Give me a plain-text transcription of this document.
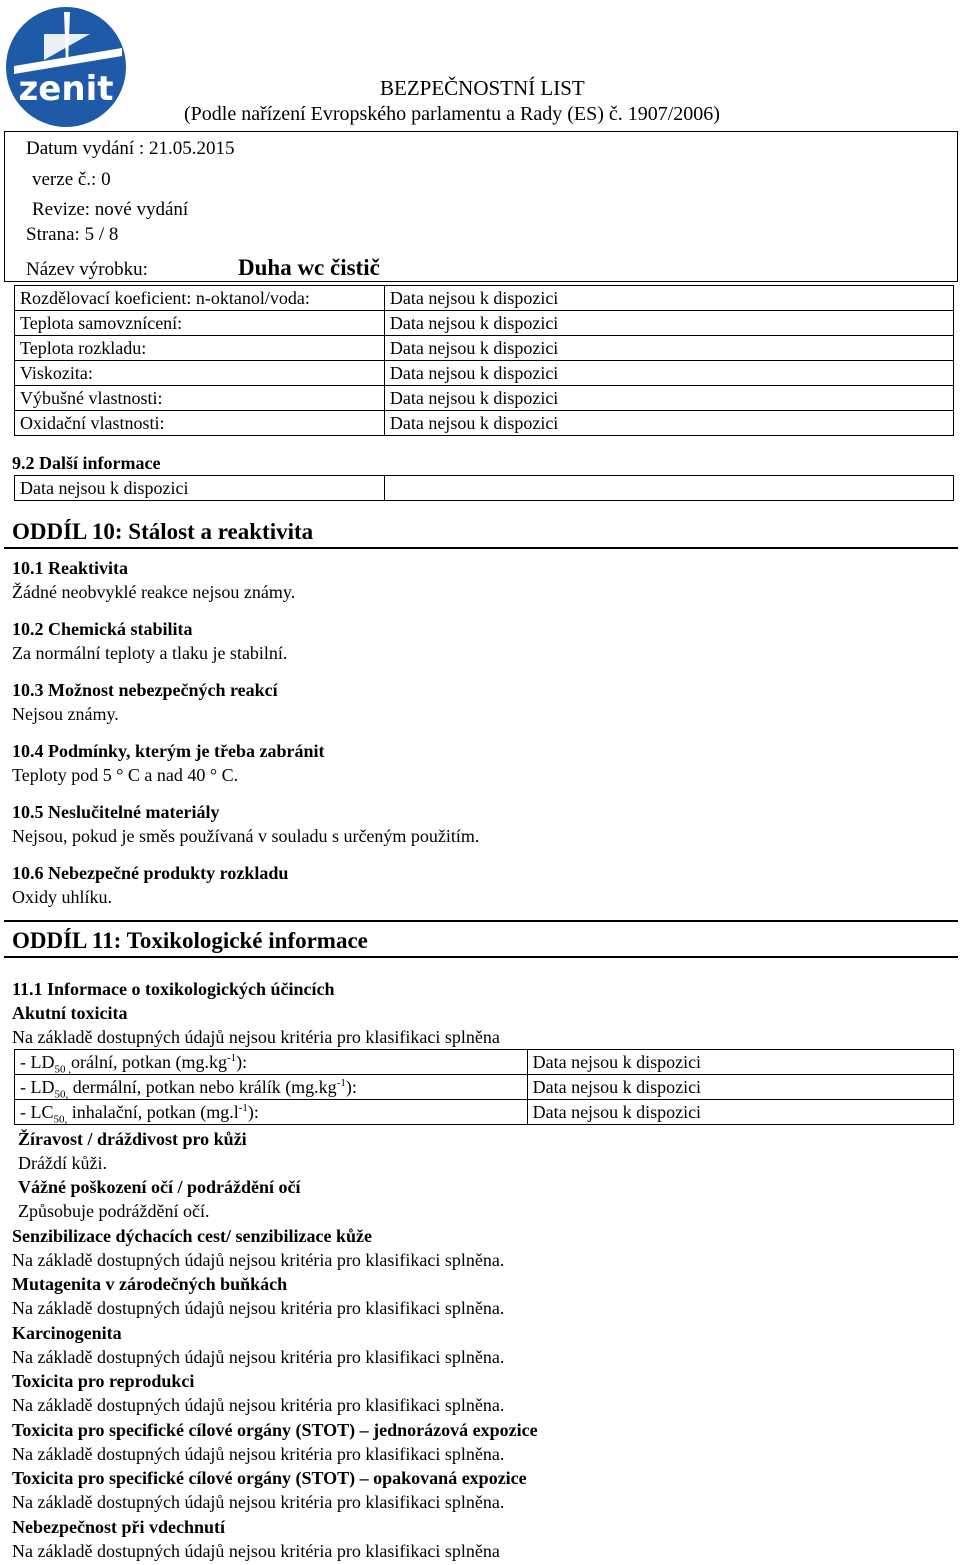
zenit	BEZPEČNOSTNÍ LIST
(Podle nařízení Evropského parlamentu a Rady (ES) č. 1907/2006)
Datum vydání : 21.05.2015
verze č.: 0
Revize: nové vydání
Strana: 5 / 8
Název výrobku:	Duha wc čistič
Rozdělovací koeficient: n-oktanol/voda:	Data nejsou k dispozici
Teplota samovznícení:	Data nejsou k dispozici
Teplota rozkladu:	Data nejsou k dispozici
Viskozita:	Data nejsou k dispozici
Výbušné vlastnosti:	Data nejsou k dispozici
Oxidační vlastnosti:	Data nejsou k dispozici
9.2 Další informace
Data nejsou k dispozici	
ODDÍL 10: Stálost a reaktivita
10.1 Reaktivita
Žádné neobvyklé reakce nejsou známy.
10.2 Chemická stabilita
Za normální teploty a tlaku je stabilní.
10.3 Možnost nebezpečných reakcí
Nejsou známy.
10.4 Podmínky, kterým je třeba zabránit
Teploty pod 5 ° C a nad 40 ° C.
10.5 Neslučitelné materiály
Nejsou, pokud je směs používaná v souladu s určeným použitím.
10.6 Nebezpečné produkty rozkladu
Oxidy uhlíku.
ODDÍL 11: Toxikologické informace
11.1 Informace o toxikologických účincích
Akutní toxicita
Na základě dostupných údajů nejsou kritéria pro klasifikaci splněna
- $LD_{50 ,}orá\ln í$, potkan $(mg.kg^{-1})$:	Data nejsou k dispozici
- $LD_{50,}$ dermální, potkan nebo králík $(mg.kg^{-1})$:	Data nejsou k dispozici
- $LC_{50,}$ inhalační, potkan $(mg.l^{-1})$:	Data nejsou k dispozici
Žíravost / dráždivost pro kůži
Dráždí kůži.
Vážné poškození očí / podráždění očí
Způsobuje podráždění očí.
Senzibilizace dýchacích cest/ senzibilizace kůže
Na základě dostupných údajů nejsou kritéria pro klasifikaci splněna.
Mutagenita v zárodečných buňkách
Na základě dostupných údajů nejsou kritéria pro klasifikaci splněna.
Karcinogenita
Na základě dostupných údajů nejsou kritéria pro klasifikaci splněna.
Toxicita pro reprodukci
Na základě dostupných údajů nejsou kritéria pro klasifikaci splněna.
Toxicita pro specifické cílové orgány (STOT) – jednorázová expozice
Na základě dostupných údajů nejsou kritéria pro klasifikaci splněna.
Toxicita pro specifické cílové orgány (STOT) – opakovaná expozice
Na základě dostupných údajů nejsou kritéria pro klasifikaci splněna.
Nebezpečnost při vdechnutí
Na základě dostupných údajů nejsou kritéria pro klasifikaci splněna
